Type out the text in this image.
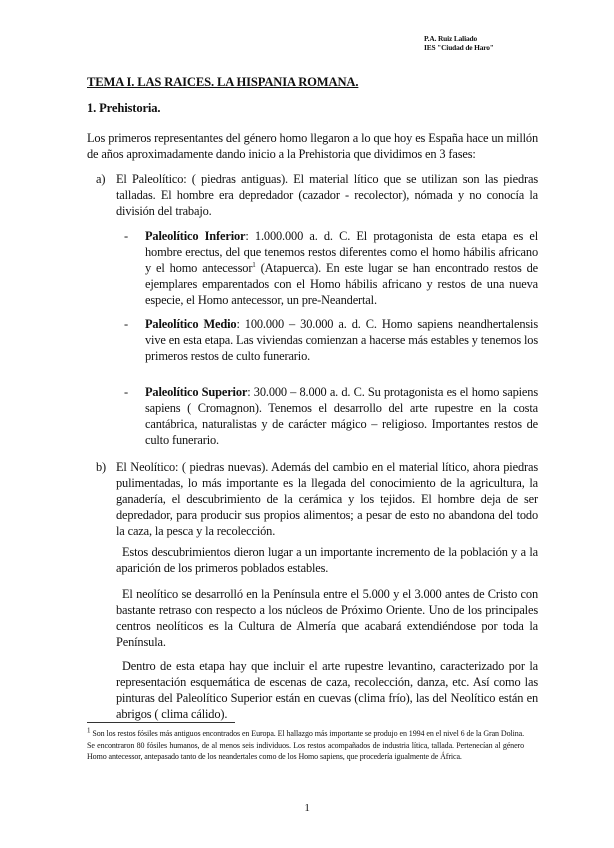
P.A. Ruiz Laliado
IES "Ciudad de Haro"
TEMA I. LAS RAICES. LA HISPANIA ROMANA.
1. Prehistoria.
Los primeros representantes del género homo llegaron a lo que hoy es España hace un millón de años aproximadamente dando inicio a la Prehistoria que dividimos en 3 fases:
a) El Paleolítico: ( piedras antiguas). El material lítico que se utilizan son las piedras talladas. El hombre era depredador (cazador - recolector), nómada y no conocía la división del trabajo.
- Paleolítico Inferior: 1.000.000 a. d. C. El protagonista de esta etapa es el hombre erectus, del que tenemos restos diferentes como el homo hábilis africano y el homo antecessor$^1$ (Atapuerca). En este lugar se han encontrado restos de ejemplares emparentados con el Homo hábilis africano y restos de una nueva especie, el Homo antecessor, un pre-Neandertal.
- Paleolítico Medio: 100.000 – 30.000 a. d. C. Homo sapiens neandhertalensis vive en esta etapa. Las viviendas comienzan a hacerse más estables y tenemos los primeros restos de culto funerario.
- Paleolítico Superior: 30.000 – 8.000 a. d. C. Su protagonista es el homo sapiens sapiens ( Cromagnon). Tenemos el desarrollo del arte rupestre en la costa cantábrica, naturalistas y de carácter mágico – religioso. Importantes restos de culto funerario.
b) El Neolítico: ( piedras nuevas). Además del cambio en el material lítico, ahora piedras pulimentadas, lo más importante es la llegada del conocimiento de la agricultura, la ganadería, el descubrimiento de la cerámica y los tejidos. El hombre deja de ser depredador, para producir sus propios alimentos; a pesar de esto no abandona del todo la caza, la pesca y la recolección.
Estos descubrimientos dieron lugar a un importante incremento de la población y a la aparición de los primeros poblados estables.
El neolítico se desarrolló en la Península entre el 5.000 y el 3.000 antes de Cristo con bastante retraso con respecto a los núcleos de Próximo Oriente. Uno de los principales centros neolíticos es la Cultura de Almería que acabará extendiéndose por toda la Península.
Dentro de esta etapa hay que incluir el arte rupestre levantino, caracterizado por la representación esquemática de escenas de caza, recolección, danza, etc. Así como las pinturas del Paleolítico Superior están en cuevas (clima frío), las del Neolítico están en abrigos ( clima cálido).
$^1$ Son los restos fósiles más antiguos encontrados en Europa. El hallazgo más importante se produjo en 1994 en el nivel 6 de la Gran Dolina. Se encontraron 80 fósiles humanos, de al menos seis individuos. Los restos acompañados de industria lítica, tallada. Pertenecían al género Homo antecessor, antepasado tanto de los neandertales como de los Homo sapiens, que procedería igualmente de África.
1
